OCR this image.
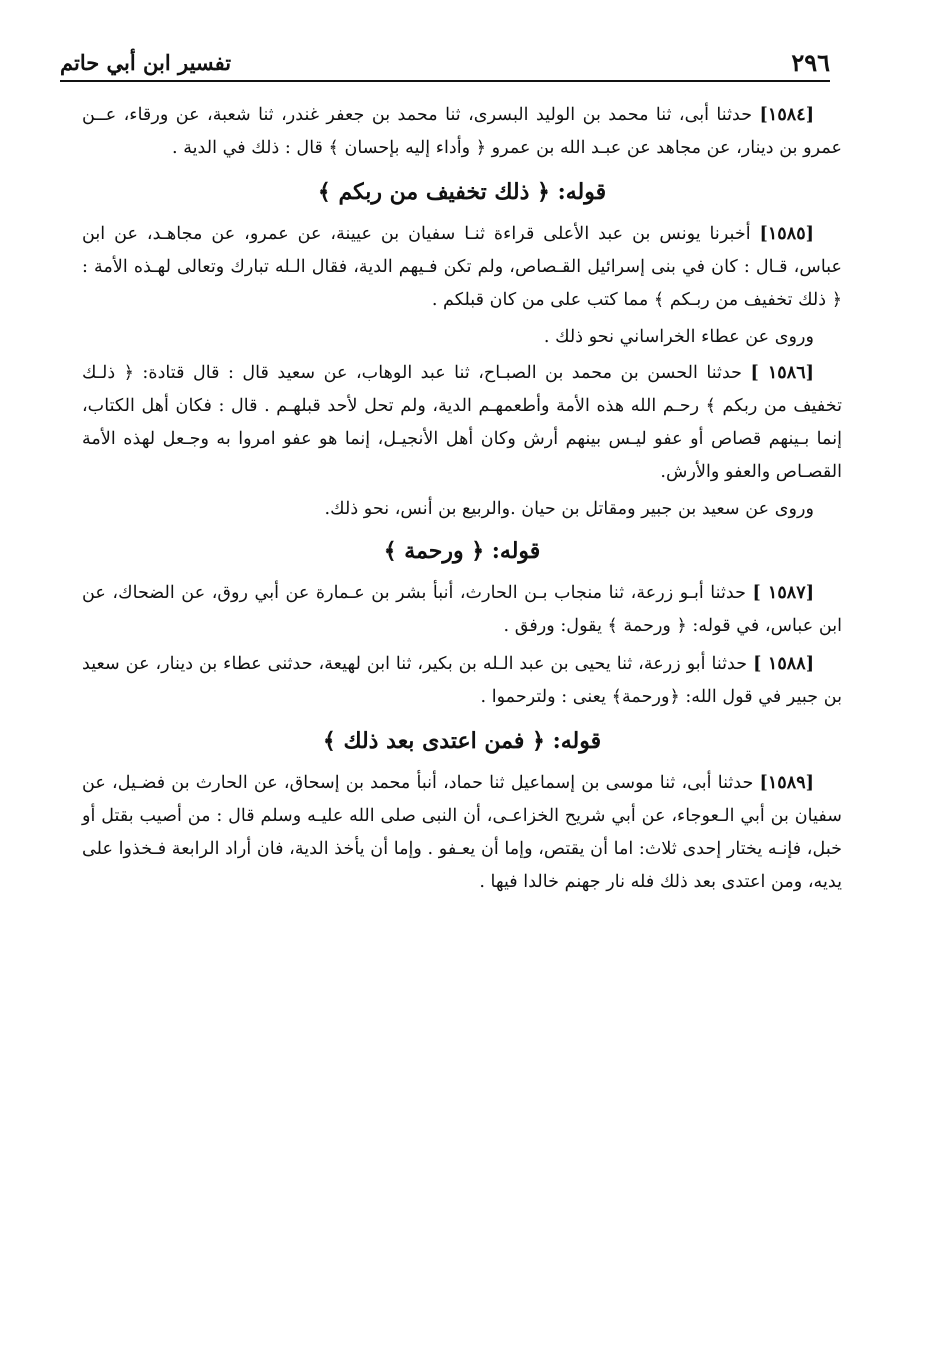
٢٩٦
تفسير ابن أبي حاتم

[١٥٨٤] حدثنا أبى، ثنا محمد بن الوليد البسرى، ثنا محمد بن جعفر غندر، ثنا شعبة، عن ورقاء، عــن عمرو بن دينار، عن مجاهد عن عبـد الله بن عمرو ﴿ وأداء إليه بإحسان ﴾ قال : ذلك في الدية .

قوله: ﴿ ذلك تخفيف من ربكم ﴾

[١٥٨٥] أخبرنا يونس بن عبد الأعلى قراءة ثنـا سفيان بن عيينة، عن عمرو، عن مجاهـد، عن ابن عباس، قـال : كان في بنى إسرائيل القـصاص، ولم تكن فـيهم الدية، فقال الـله تبارك وتعالى لهـذه الأمة : ﴿ ذلك تخفيف من ربـكم ﴾ مما كتب على من كان قبلكم .

وروى عن عطاء الخراساني نحو ذلك .

[١٥٨٦ ] حدثنا الحسن بن محمد بن الصبـاح، ثنا عبد الوهاب، عن سعيد قال : قال قتادة: ﴿ ذلـك تخفيف من ربكم ﴾ رحـم الله هذه الأمة وأطعمهـم الدية، ولم تحل لأحد قبلهـم . قال : فكان أهل الكتاب، إنما بـينهم قصاص أو عفو ليـس بينهم أرش وكان أهل الأنجيـل، إنما هو عفو امروا به وجـعل لهذه الأمة القصـاص والعفو والأرش.

وروى عن سعيد بن جبير ومقاتل بن حيان .والربيع بن أنس، نحو ذلك.

قوله: ﴿ ورحمة ﴾

[١٥٨٧ ] حدثنا أبـو زرعة، ثنا منجاب بـن الحارث، أنبأ بشر بن عـمارة عن أبي روق، عن الضحاك، عن ابن عباس، في قوله: ﴿ ورحمة ﴾ يقول: ورفق .

[١٥٨٨ ] حدثنا أبو زرعة، ثنا يحيى بن عبد الـله بن بكير، ثنا ابن لهيعة، حدثنى عطاء بن دينار، عن سعيد بن جبير في قول الله: ﴿ورحمة﴾ يعنى : ولترحموا .

قوله: ﴿ فمن اعتدى بعد ذلك ﴾

[١٥٨٩] حدثنا أبى، ثنا موسى بن إسماعيل ثنا حماد، أنبأ محمد بن إسحاق، عن الحارث بن فضـيل، عن سفيان بن أبي الـعوجاء، عن أبي شريح الخزاعـى، أن النبى صلى الله عليـه وسلم قال : من أصيب بقتل أو خبل، فإنـه يختار إحدى ثلاث: اما أن يقتص، وإما أن يعـفو . وإما أن يأخذ الدية، فان أراد الرابعة فـخذوا على يديه، ومن اعتدى بعد ذلك فله نار جهنم خالدا فيها .
